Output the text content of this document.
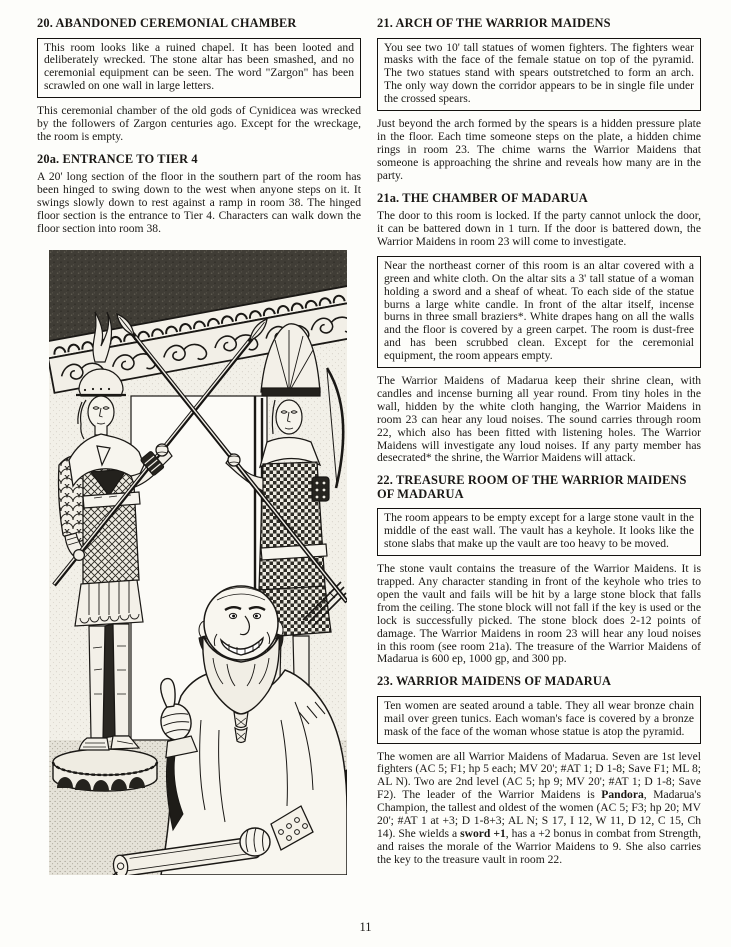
20. ABANDONED CEREMONIAL CHAMBER

This room looks like a ruined chapel. It has been looted and deliberately wrecked. The stone altar has been smashed, and no ceremonial equipment can be seen. The word "Zargon" has been scrawled on one wall in large letters.

This ceremonial chamber of the old gods of Cynidicea was wrecked by the followers of Zargon centuries ago. Except for the wreckage, the room is empty.

20a. ENTRANCE TO TIER 4

A 20' long section of the floor in the southern part of the room has been hinged to swing down to the west when anyone steps on it. It swings slowly down to rest against a ramp in room 38. The hinged floor section is the entrance to Tier 4. Characters can walk down the floor section into room 38.

21. ARCH OF THE WARRIOR MAIDENS

You see two 10' tall statues of women fighters. The fighters wear masks with the face of the female statue on top of the pyramid. The two statues stand with spears outstretched to form an arch. The only way down the corridor appears to be in single file under the crossed spears.

Just beyond the arch formed by the spears is a hidden pressure plate in the floor. Each time someone steps on the plate, a hidden chime rings in room 23. The chime warns the Warrior Maidens that someone is approaching the shrine and reveals how many are in the party.

21a. THE CHAMBER OF MADARUA

The door to this room is locked. If the party cannot unlock the door, it can be battered down in 1 turn. If the door is battered down, the Warrior Maidens in room 23 will come to investigate.

Near the northeast corner of this room is an altar covered with a green and white cloth. On the altar sits a 3' tall statue of a woman holding a sword and a sheaf of wheat. To each side of the statue burns a large white candle. In front of the altar itself, incense burns in three small braziers*. White drapes hang on all the walls and the floor is covered by a green carpet. The room is dust-free and has been scrubbed clean. Except for the ceremonial equipment, the room appears empty.

The Warrior Maidens of Madarua keep their shrine clean, with candles and incense burning all year round. From tiny holes in the wall, hidden by the white cloth hanging, the Warrior Maidens in room 23 can hear any loud noises. The sound carries through room 22, which also has been fitted with listening holes. The Warrior Maidens will investigate any loud noises. If any party member has desecrated* the shrine, the Warrior Maidens will attack.

22. TREASURE ROOM OF THE WARRIOR MAIDENS OF MADARUA

The room appears to be empty except for a large stone vault in the middle of the east wall. The vault has a keyhole. It looks like the stone slabs that make up the vault are too heavy to be moved.

The stone vault contains the treasure of the Warrior Maidens. It is trapped. Any character standing in front of the keyhole who tries to open the vault and fails will be hit by a large stone block that falls from the ceiling. The stone block will not fall if the key is used or the lock is successfully picked. The stone block does 2-12 points of damage. The Warrior Maidens in room 23 will hear any loud noises in this room (see room 21a). The treasure of the Warrior Maidens of Madarua is 600 ep, 1000 gp, and 300 pp.

23. WARRIOR MAIDENS OF MADARUA

Ten women are seated around a table. They all wear bronze chain mail over green tunics. Each woman's face is covered by a bronze mask of the face of the woman whose statue is atop the pyramid.

The women are all Warrior Maidens of Madarua. Seven are 1st level fighters (AC 5; F1; hp 5 each; MV 20'; #AT 1; D 1-8; Save F1; ML 8; AL N). Two are 2nd level (AC 5; hp 9; MV 20'; #AT 1; D 1-8; Save F2). The leader of the Warrior Maidens is Pandora, Madarua's Champion, the tallest and oldest of the women (AC 5; F3; hp 20; MV 20'; #AT 1 at +3; D 1-8+3; AL N; S 17, I 12, W 11, D 12, C 15, Ch 14). She wields a sword +1, has a +2 bonus in combat from Strength, and raises the morale of the Warrior Maidens to 9. She also carries the key to the treasure vault in room 22.

11
